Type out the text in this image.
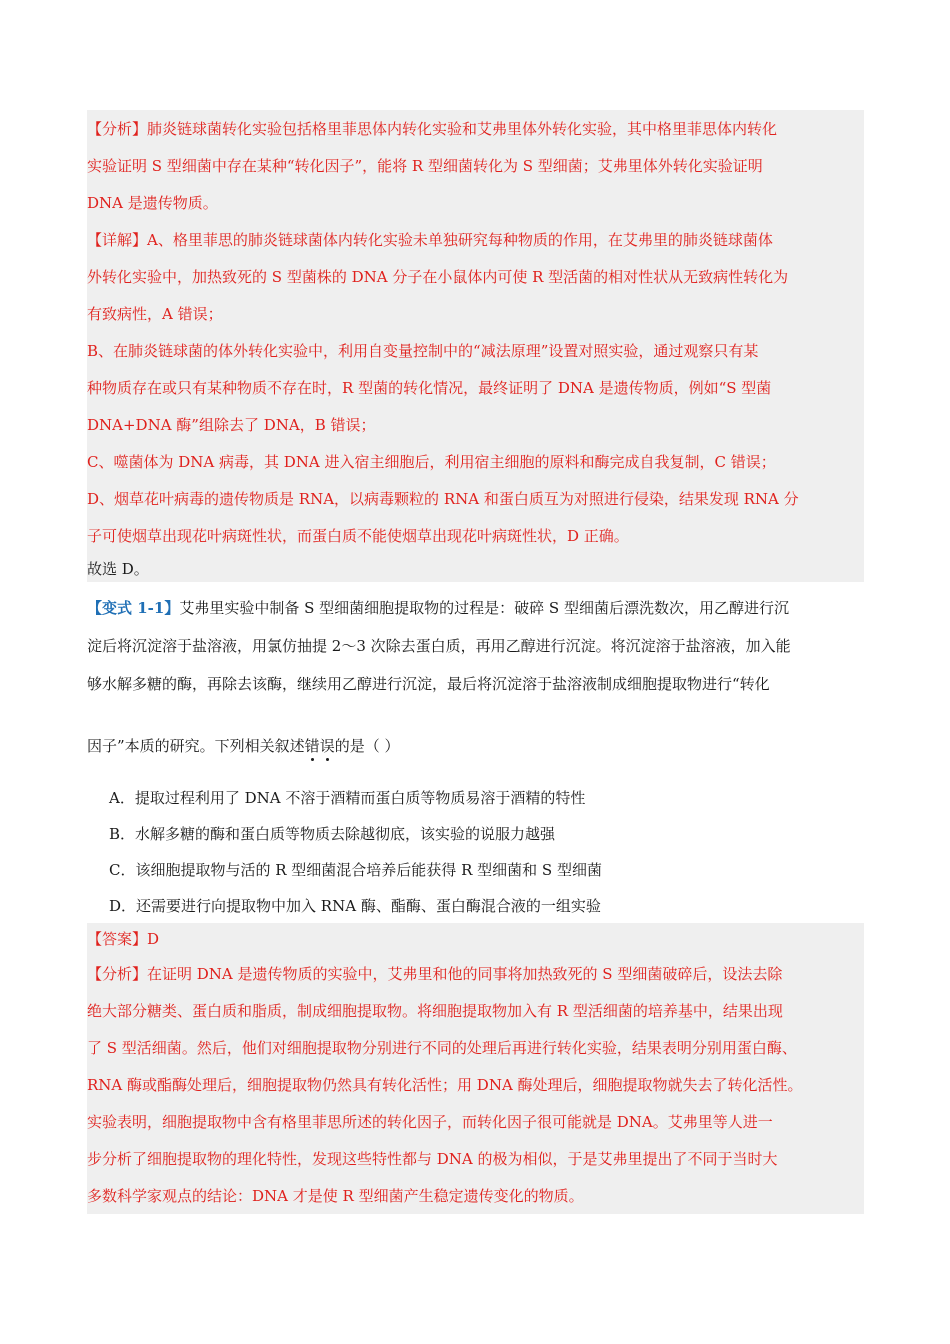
【分析】肺炎链球菌转化实验包括格里菲思体内转化实验和艾弗里体外转化实验，其中格里菲思体内转化
实验证明 S 型细菌中存在某种“转化因子”，能将 R 型细菌转化为 S 型细菌；艾弗里体外转化实验证明
DNA 是遗传物质。
【详解】A、格里菲思的肺炎链球菌体内转化实验未单独研究每种物质的作用，在艾弗里的肺炎链球菌体
外转化实验中，加热致死的 S 型菌株的 DNA 分子在小鼠体内可使 R 型活菌的相对性状从无致病性转化为
有致病性，A 错误；
B、在肺炎链球菌的体外转化实验中，利用自变量控制中的“减法原理”设置对照实验，通过观察只有某
种物质存在或只有某种物质不存在时，R 型菌的转化情况，最终证明了 DNA 是遗传物质，例如“S 型菌
DNA+DNA 酶”组除去了 DNA，B 错误；
C、噬菌体为 DNA 病毒，其 DNA 进入宿主细胞后，利用宿主细胞的原料和酶完成自我复制，C 错误；
D、烟草花叶病毒的遗传物质是 RNA，以病毒颗粒的 RNA 和蛋白质互为对照进行侵染，结果发现 RNA 分
子可使烟草出现花叶病斑性状，而蛋白质不能使烟草出现花叶病斑性状，D 正确。
故选 D。
【变式 1-1】艾弗里实验中制备 S 型细菌细胞提取物的过程是：破碎 S 型细菌后漂洗数次，用乙醇进行沉
淀后将沉淀溶于盐溶液，用氯仿抽提 2～3 次除去蛋白质，再用乙醇进行沉淀。将沉淀溶于盐溶液，加入能
够水解多糖的酶，再除去该酶，继续用乙醇进行沉淀，最后将沉淀溶于盐溶液制成细胞提取物进行“转化
因子”本质的研究。下列相关叙述错误的是（ ）
A．提取过程利用了 DNA 不溶于酒精而蛋白质等物质易溶于酒精的特性
B．水解多糖的酶和蛋白质等物质去除越彻底，该实验的说服力越强
C．该细胞提取物与活的 R 型细菌混合培养后能获得 R 型细菌和 S 型细菌
D．还需要进行向提取物中加入 RNA 酶、酯酶、蛋白酶混合液的一组实验
【答案】D
【分析】在证明 DNA 是遗传物质的实验中，艾弗里和他的同事将加热致死的 S 型细菌破碎后，设法去除
绝大部分糖类、蛋白质和脂质，制成细胞提取物。将细胞提取物加入有 R 型活细菌的培养基中，结果出现
了 S 型活细菌。然后，他们对细胞提取物分别进行不同的处理后再进行转化实验，结果表明分别用蛋白酶、
RNA 酶或酯酶处理后，细胞提取物仍然具有转化活性；用 DNA 酶处理后，细胞提取物就失去了转化活性。
实验表明，细胞提取物中含有格里菲思所述的转化因子，而转化因子很可能就是 DNA。艾弗里等人进一
步分析了细胞提取物的理化特性，发现这些特性都与 DNA 的极为相似，于是艾弗里提出了不同于当时大
多数科学家观点的结论：DNA 才是使 R 型细菌产生稳定遗传变化的物质。
